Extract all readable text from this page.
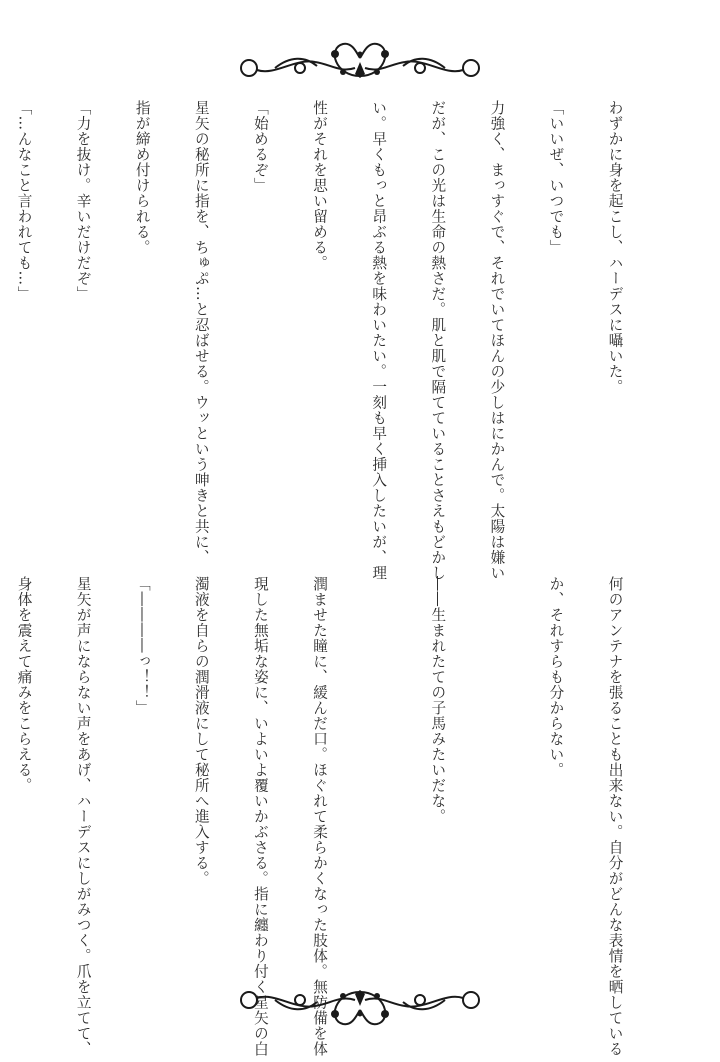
わずかに身を起こし、ハーデスに囁いた。

「いいぜ、いつでも」

力強く、まっすぐで、それでいてほんの少しはにかんで。太陽は嫌い

だが、この光は生命の熱さだ。肌と肌で隔てていることさえもどかし

い。早くもっと昂ぶる熱を味わいたい。一刻も早く挿入したいが、理

性がそれを思い留める。

「始めるぞ」

星矢の秘所に指を、ちゅぷ…と忍ばせる。ウッという呻きと共に、

指が締め付けられる。

「力を抜け。辛いだけだぞ」

「…んなこと言われても…」

何のアンテナを張ることも出来ない。自分がどんな表情を晒している

か、それすらも分からない。

――生まれたての子馬みたいだな。

潤ませた瞳に、緩んだ口。ほぐれて柔らかくなった肢体。無防備を体

現した無垢な姿に、いよいよ覆いかぶさる。指に纏わり付く星矢の白

濁液を自らの潤滑液にして秘所へ進入する。

「――――っ！！」

星矢が声にならない声をあげ、ハーデスにしがみつく。爪を立てて、

身体を震えて痛みをこらえる。
